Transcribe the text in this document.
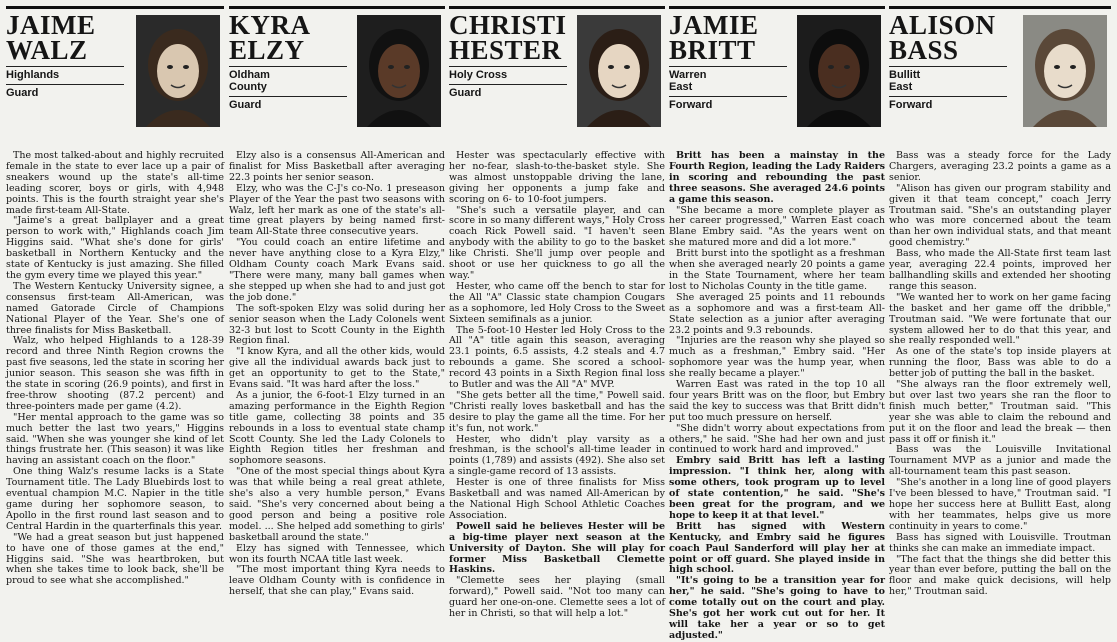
JAIME
WALZ
Highlands
Guard

The most talked-about and highly recruited female in the state to ever lace up a pair of sneakers wound up the state's all-time leading scorer, boys or girls, with 4,948 points. This is the fourth straight year she's made first-team All-State.

"Jaime's a great ballplayer and a great person to work with," Highlands coach Jim Higgins said. "What she's done for girls' basketball in Northern Kentucky and the state of Kentucky is just amazing. She filled the gym every time we played this year."

The Western Kentucky University signee, a consensus first-team All-American, was named Gatorade Circle of Champions National Player of the Year. She's one of three finalists for Miss Basketball.

Walz, who helped Highlands to a 128-39 record and three Ninth Region crowns the past five seasons, led the state in scoring her junior season. This season she was fifth in the state in scoring (26.9 points), and first in free-throw shooting (87.2 percent) and three-pointers made per game (4.2).

"Her mental approach to the game was so much better the last two years," Higgins said. "When she was younger she kind of let things frustrate her. (This season) it was like having an assistant coach on the floor."

One thing Walz's resume lacks is a State Tournament title. The Lady Bluebirds lost to eventual champion M.C. Napier in the title game during her sophomore season, to Apollo in the first round last season and to Central Hardin in the quarterfinals this year.

"We had a great season but just happened to have one of those games at the end," Higgins said. "She was heartbroken, but when she takes time to look back, she'll be proud to see what she accomplished."

KYRA
ELZY
Oldham
County
Guard

Elzy also is a consensus All-American and finalist for Miss Basketball after averaging 22.3 points her senior season.

Elzy, who was the C-J's co-No. 1 preseason Player of the Year the past two seasons with Walz, left her mark as one of the state's all-time great players by being named first-team All-State three consecutive years.

"You could coach an entire lifetime and never have anything close to a Kyra Elzy," Oldham County coach Mark Evans said. "There were many, many ball games when she stepped up when she had to and just got the job done."

The soft-spoken Elzy was solid during her senior season when the Lady Colonels went 32-3 but lost to Scott County in the Eighth Region final.

"I know Kyra, and all the other kids, would give all the individual awards back just to get an opportunity to get to the State," Evans said. "It was hard after the loss."

As a junior, the 6-foot-1 Elzy turned in an amazing performance in the Eighth Region title game, collecting 38 points and 35 rebounds in a loss to eventual state champ Scott County. She led the Lady Colonels to Eighth Region titles her freshman and sophomore seasons.

"One of the most special things about Kyra was that while being a real great athlete, she's also a very humble person," Evans said. "She's very concerned about being a good person and being a positive role model. ... She helped add something to girls' basketball around the state."

Elzy has signed with Tennessee, which won its fourth NCAA title last week.

"The most important thing Kyra needs to leave Oldham County with is confidence in herself, that she can play," Evans said.

CHRISTI
HESTER
Holy Cross
Guard

Hester was spectacularly effective with her no-fear, slash-to-the-basket style. She was almost unstoppable driving the lane, giving her opponents a jump fake and scoring on 6- to 10-foot jumpers.

"She's such a versatile player, and can score in so many different ways," Holy Cross coach Rick Powell said. "I haven't seen anybody with the ability to go to the basket like Christi. She'll jump over people and shoot or use her quickness to go all the way."

Hester, who came off the bench to star for the All "A" Classic state champion Cougars as a sophomore, led Holy Cross to the Sweet Sixteen semifinals as a junior.

The 5-foot-10 Hester led Holy Cross to the All "A" title again this season, averaging 23.1 points, 6.5 assists, 4.2 steals and 4.7 rebounds a game. She scored a school-record 43 points in a Sixth Region final loss to Butler and was the All "A" MVP.

"She gets better all the time," Powell said. "Christi really loves basketball and has the desire to play the game all the time. For her it's fun, not work."

Hester, who didn't play varsity as a freshman, is the school's all-time leader in points (1,789) and assists (492). She also set a single-game record of 13 assists.

Hester is one of three finalists for Miss Basketball and was named All-American by the National High School Athletic Coaches Association.

Powell said he believes Hester will be a big-time player next season at the University of Dayton. She will play for former Miss Basketball Clemette Haskins.

"Clemette sees her playing (small forward)," Powell said. "Not too many can guard her one-on-one. Clemette sees a lot of her in Christi, so that will help a lot."

JAMIE
BRITT
Warren
East
Forward

Britt has been a mainstay in the Fourth Region, leading the Lady Raiders in scoring and rebounding the past three seasons. She averaged 24.6 points a game this season.

"She became a more complete player as her career progressed," Warren East coach Blane Embry said. "As the years went on she matured more and did a lot more."

Britt burst into the spotlight as a freshman when she averaged nearly 20 points a game in the State Tournament, where her team lost to Nicholas County in the title game.

She averaged 25 points and 11 rebounds as a sophomore and was a first-team All-State selection as a junior after averaging 23.2 points and 9.3 rebounds.

"Injuries are the reason why she played so much as a freshman," Embry said. "Her sophomore year was the hump year, when she really became a player."

Warren East was rated in the top 10 all four years Britt was on the floor, but Embry said the key to success was that Britt didn't put too much pressure on herself.

"She didn't worry about expectations from others," he said. "She had her own and just continued to work hard and improved."

Embry said Britt has left a lasting impression. "I think her, along with some others, took program up to level of state contention," he said. "She's been great for the program, and we hope to keep it at that level."

Britt has signed with Western Kentucky, and Embry said he figures coach Paul Sanderford will play her at point or off guard. She played inside in high school.

"It's going to be a transition year for her," he said. "She's going to have to come totally out on the court and play. She's got her work cut out for her. It will take her a year or so to get adjusted."

ALISON
BASS
Bullitt
East
Forward

Bass was a steady force for the Lady Chargers, averaging 23.2 points a game as a senior.

"Alison has given our program stability and given it that team concept," coach Jerry Troutman said. "She's an outstanding player who was more concerned about the team than her own individual stats, and that meant good chemistry."

Bass, who made the All-State first team last year, averaging 22.4 points, improved her ballhandling skills and extended her shooting range this season.

"We wanted her to work on her game facing the basket and her game off the dribble," Troutman said. "We were fortunate that our system allowed her to do that this year, and she really responded well."

As one of the state's top inside players at running the floor, Bass was able to do a better job of putting the ball in the basket.

"She always ran the floor extremely well, but over last two years she ran the floor to finish much better," Troutman said. "This year she was able to claim the rebound and put it on the floor and lead the break — then pass it off or finish it."

Bass was the Louisville Invitational Tournament MVP as a junior and made the all-tournament team this past season.

"She's another in a long line of good players I've been blessed to have," Troutman said. "I hope her success here at Bullitt East, along with her teammates, helps give us more continuity in years to come."

Bass has signed with Louisville. Troutman thinks she can make an immediate impact.

"The fact that the things she did better this year than ever before, putting the ball on the floor and make quick decisions, will help her," Troutman said.
